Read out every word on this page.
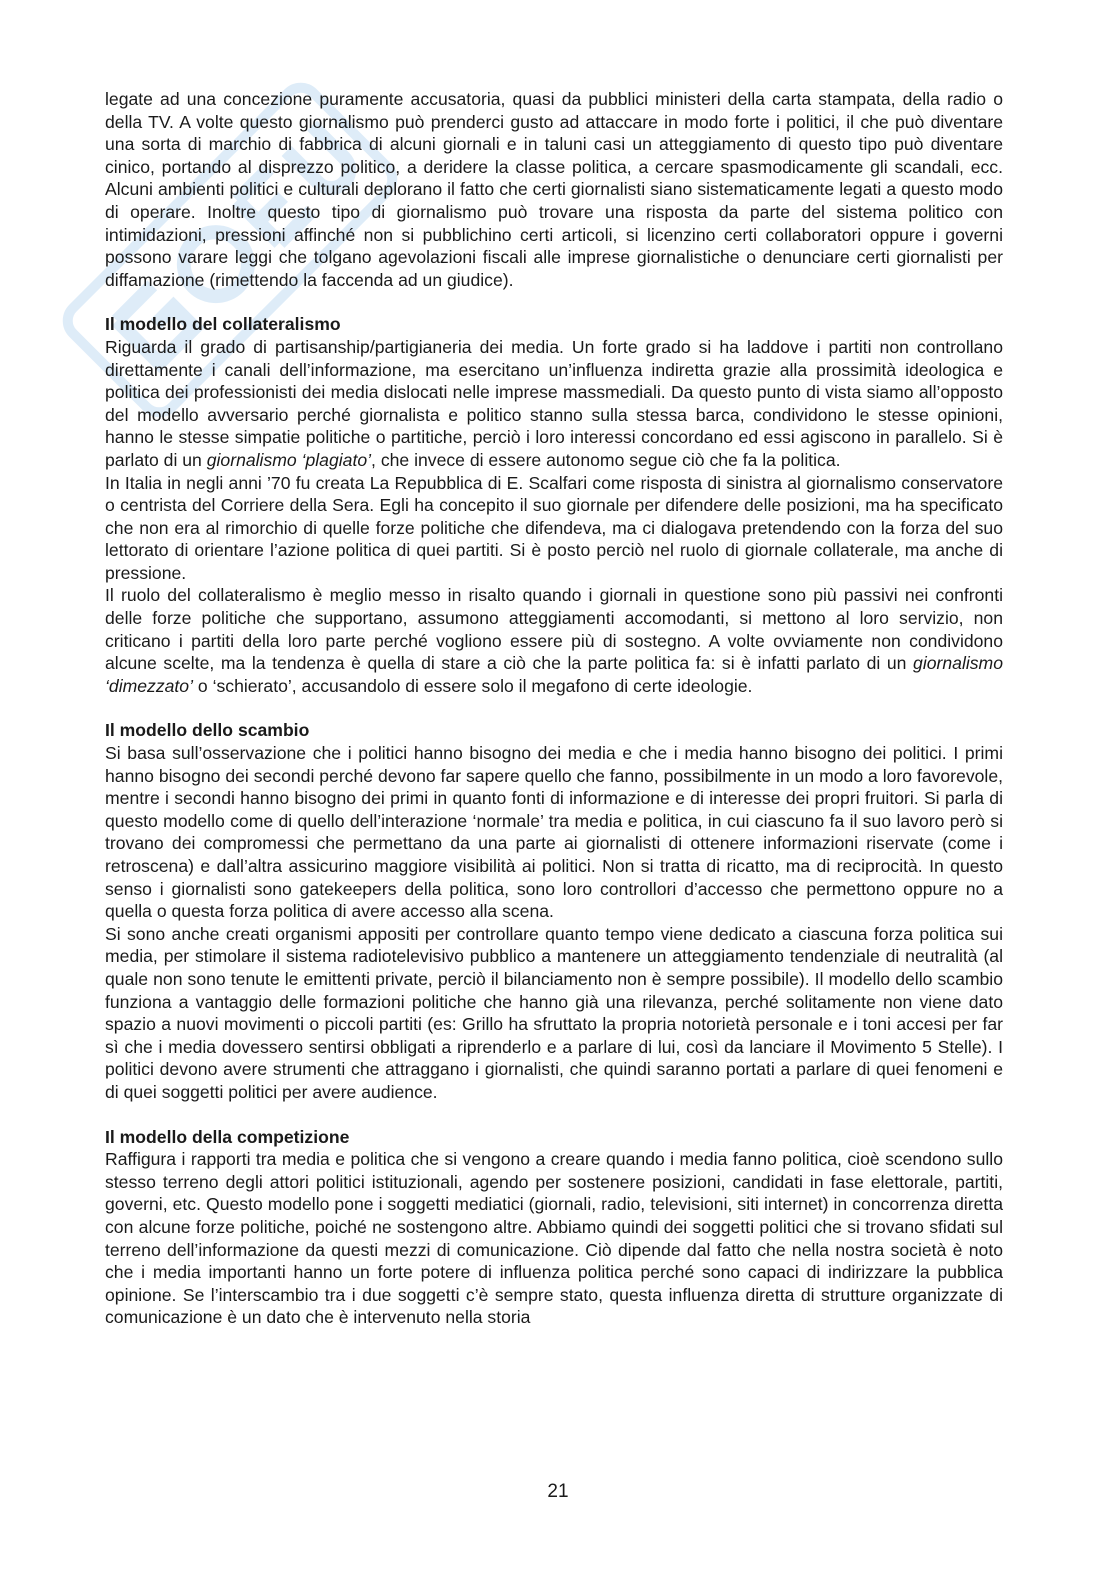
legate ad una concezione puramente accusatoria, quasi da pubblici ministeri della carta stampata, della radio o della TV. A volte questo giornalismo può prenderci gusto ad attaccare in modo forte i politici, il che può diventare una sorta di marchio di fabbrica di alcuni giornali e in taluni casi un atteggiamento di questo tipo può diventare cinico, portando al disprezzo politico, a deridere la classe politica, a cercare spasmodicamente gli scandali, ecc. Alcuni ambienti politici e culturali deplorano il fatto che certi giornalisti siano sistematicamente legati a questo modo di operare. Inoltre questo tipo di giornalismo può trovare una risposta da parte del sistema politico con intimidazioni, pressioni affinché non si pubblichino certi articoli, si licenzino certi collaboratori oppure i governi possono varare leggi che tolgano agevolazioni fiscali alle imprese giornalistiche o denunciare certi giornalisti per diffamazione (rimettendo la faccenda ad un giudice).

Il modello del collateralismo

Riguarda il grado di partisanship/partigianeria dei media. Un forte grado si ha laddove i partiti non controllano direttamente i canali dell’informazione, ma esercitano un’influenza indiretta grazie alla prossimità ideologica e politica dei professionisti dei media dislocati nelle imprese massmediali. Da questo punto di vista siamo all’opposto del modello avversario perché giornalista e politico stanno sulla stessa barca, condividono le stesse opinioni, hanno le stesse simpatie politiche o partitiche, perciò i loro interessi concordano ed essi agiscono in parallelo. Si è parlato di un giornalismo ‘plagiato’, che invece di essere autonomo segue ciò che fa la politica.

In Italia in negli anni ’70 fu creata La Repubblica di E. Scalfari come risposta di sinistra al giornalismo conservatore o centrista del Corriere della Sera. Egli ha concepito il suo giornale per difendere delle posizioni, ma ha specificato che non era al rimorchio di quelle forze politiche che difendeva, ma ci dialogava pretendendo con la forza del suo lettorato di orientare l’azione politica di quei partiti. Si è posto perciò nel ruolo di giornale collaterale, ma anche di pressione.

Il ruolo del collateralismo è meglio messo in risalto quando i giornali in questione sono più passivi nei confronti delle forze politiche che supportano, assumono atteggiamenti accomodanti, si mettono al loro servizio, non criticano i partiti della loro parte perché vogliono essere più di sostegno. A volte ovviamente non condividono alcune scelte, ma la tendenza è quella di stare a ciò che la parte politica fa: si è infatti parlato di un giornalismo ‘dimezzato’ o ‘schierato’, accusandolo di essere solo il megafono di certe ideologie.

Il modello dello scambio

Si basa sull’osservazione che i politici hanno bisogno dei media e che i media hanno bisogno dei politici. I primi hanno bisogno dei secondi perché devono far sapere quello che fanno, possibilmente in un modo a loro favorevole, mentre i secondi hanno bisogno dei primi in quanto fonti di informazione e di interesse dei propri fruitori. Si parla di questo modello come di quello dell’interazione ‘normale’ tra media e politica, in cui ciascuno fa il suo lavoro però si trovano dei compromessi che permettano da una parte ai giornalisti di ottenere informazioni riservate (come i retroscena) e dall’altra assicurino maggiore visibilità ai politici. Non si tratta di ricatto, ma di reciprocità. In questo senso i giornalisti sono gatekeepers della politica, sono loro controllori d’accesso che permettono oppure no a quella o questa forza politica di avere accesso alla scena.

Si sono anche creati organismi appositi per controllare quanto tempo viene dedicato a ciascuna forza politica sui media, per stimolare il sistema radiotelevisivo pubblico a mantenere un atteggiamento tendenziale di neutralità (al quale non sono tenute le emittenti private, perciò il bilanciamento non è sempre possibile). Il modello dello scambio funziona a vantaggio delle formazioni politiche che hanno già una rilevanza, perché solitamente non viene dato spazio a nuovi movimenti o piccoli partiti (es: Grillo ha sfruttato la propria notorietà personale e i toni accesi per far sì che i media dovessero sentirsi obbligati a riprenderlo e a parlare di lui, così da lanciare il Movimento 5 Stelle). I politici devono avere strumenti che attraggano i giornalisti, che quindi saranno portati a parlare di quei fenomeni e di quei soggetti politici per avere audience.

Il modello della competizione

Raffigura i rapporti tra media e politica che si vengono a creare quando i media fanno politica, cioè scendono sullo stesso terreno degli attori politici istituzionali, agendo per sostenere posizioni, candidati in fase elettorale, partiti, governi, etc. Questo modello pone i soggetti mediatici (giornali, radio, televisioni, siti internet) in concorrenza diretta con alcune forze politiche, poiché ne sostengono altre. Abbiamo quindi dei soggetti politici che si trovano sfidati sul terreno dell’informazione da questi mezzi di comunicazione. Ciò dipende dal fatto che nella nostra società è noto che i media importanti hanno un forte potere di influenza politica perché sono capaci di indirizzare la pubblica opinione. Se l’interscambio tra i due soggetti c’è sempre stato, questa influenza diretta di strutture organizzate di comunicazione è un dato che è intervenuto nella storia

21
